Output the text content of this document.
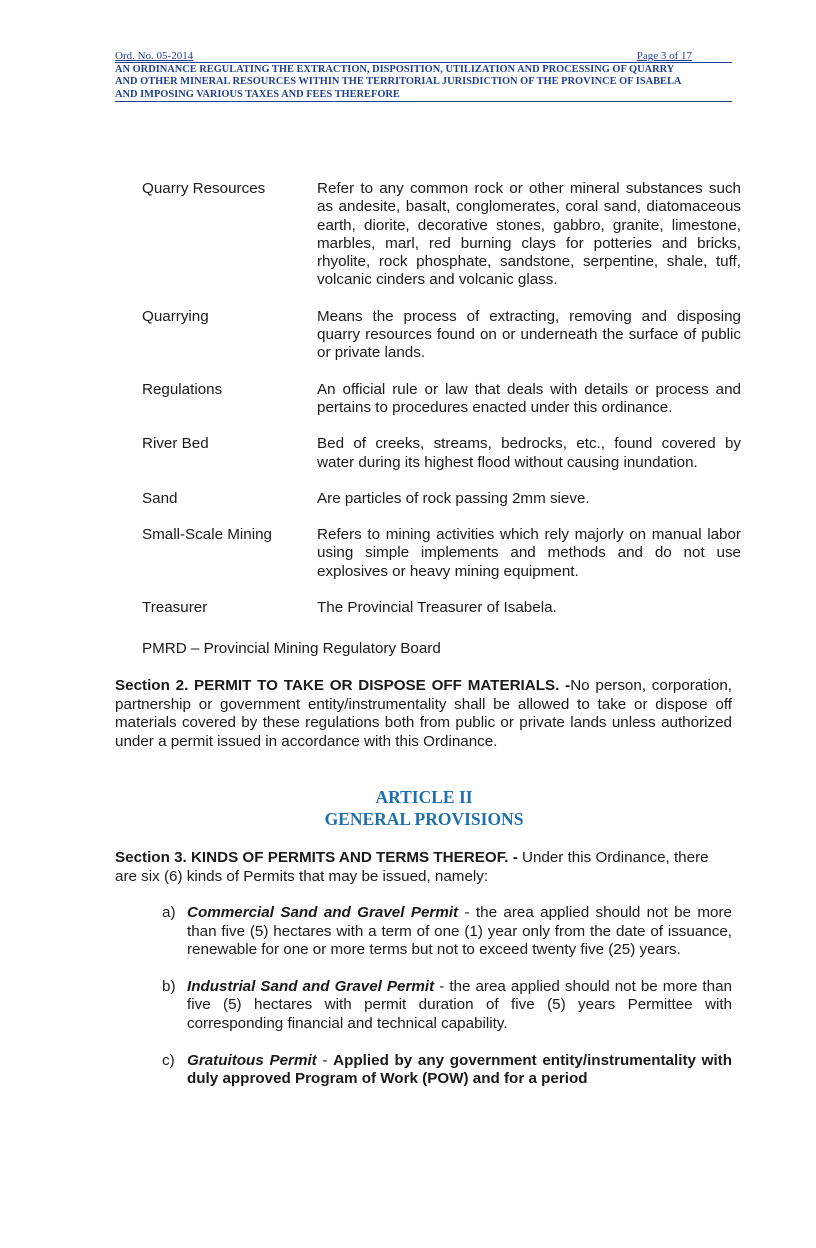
Ord. No. 05-2014	Page 3 of 17
AN ORDINANCE REGULATING THE EXTRACTION, DISPOSITION, UTILIZATION AND PROCESSING OF QUARRY
AND OTHER MINERAL RESOURCES WITHIN THE TERRITORIAL JURISDICTION OF THE PROVINCE OF ISABELA
AND IMPOSING VARIOUS TAXES AND FEES THEREFORE
Quarry Resources	Refer to any common rock or other mineral substances such as andesite, basalt, conglomerates, coral sand, diatomaceous earth, diorite, decorative stones, gabbro, granite, limestone, marbles, marl, red burning clays for potteries and bricks, rhyolite, rock phosphate, sandstone, serpentine, shale, tuff, volcanic cinders and volcanic glass.
Quarrying	Means the process of extracting, removing and disposing quarry resources found on or underneath the surface of public or private lands.
Regulations	An official rule or law that deals with details or process and pertains to procedures enacted under this ordinance.
River Bed	Bed of creeks, streams, bedrocks, etc., found covered by water during its highest flood without causing inundation.
Sand	Are particles of rock passing 2mm sieve.
Small-Scale Mining	Refers to mining activities which rely majorly on manual labor using simple implements and methods and do not use explosives or heavy mining equipment.
Treasurer	The Provincial Treasurer of Isabela.
PMRD – Provincial Mining Regulatory Board
Section 2. PERMIT TO TAKE OR DISPOSE OFF MATERIALS. -No person, corporation, partnership or government entity/instrumentality shall be allowed to take or dispose off materials covered by these regulations both from public or private lands unless authorized under a permit issued in accordance with this Ordinance.
ARTICLE II
GENERAL PROVISIONS
Section 3. KINDS OF PERMITS AND TERMS THEREOF. - Under this Ordinance, there are six (6) kinds of Permits that may be issued, namely:
a) Commercial Sand and Gravel Permit - the area applied should not be more than five (5) hectares with a term of one (1) year only from the date of issuance, renewable for one or more terms but not to exceed twenty five (25) years.
b) Industrial Sand and Gravel Permit - the area applied should not be more than five (5) hectares with permit duration of five (5) years Permittee with corresponding financial and technical capability.
c) Gratuitous Permit - Applied by any government entity/instrumentality with duly approved Program of Work (POW) and for a period
